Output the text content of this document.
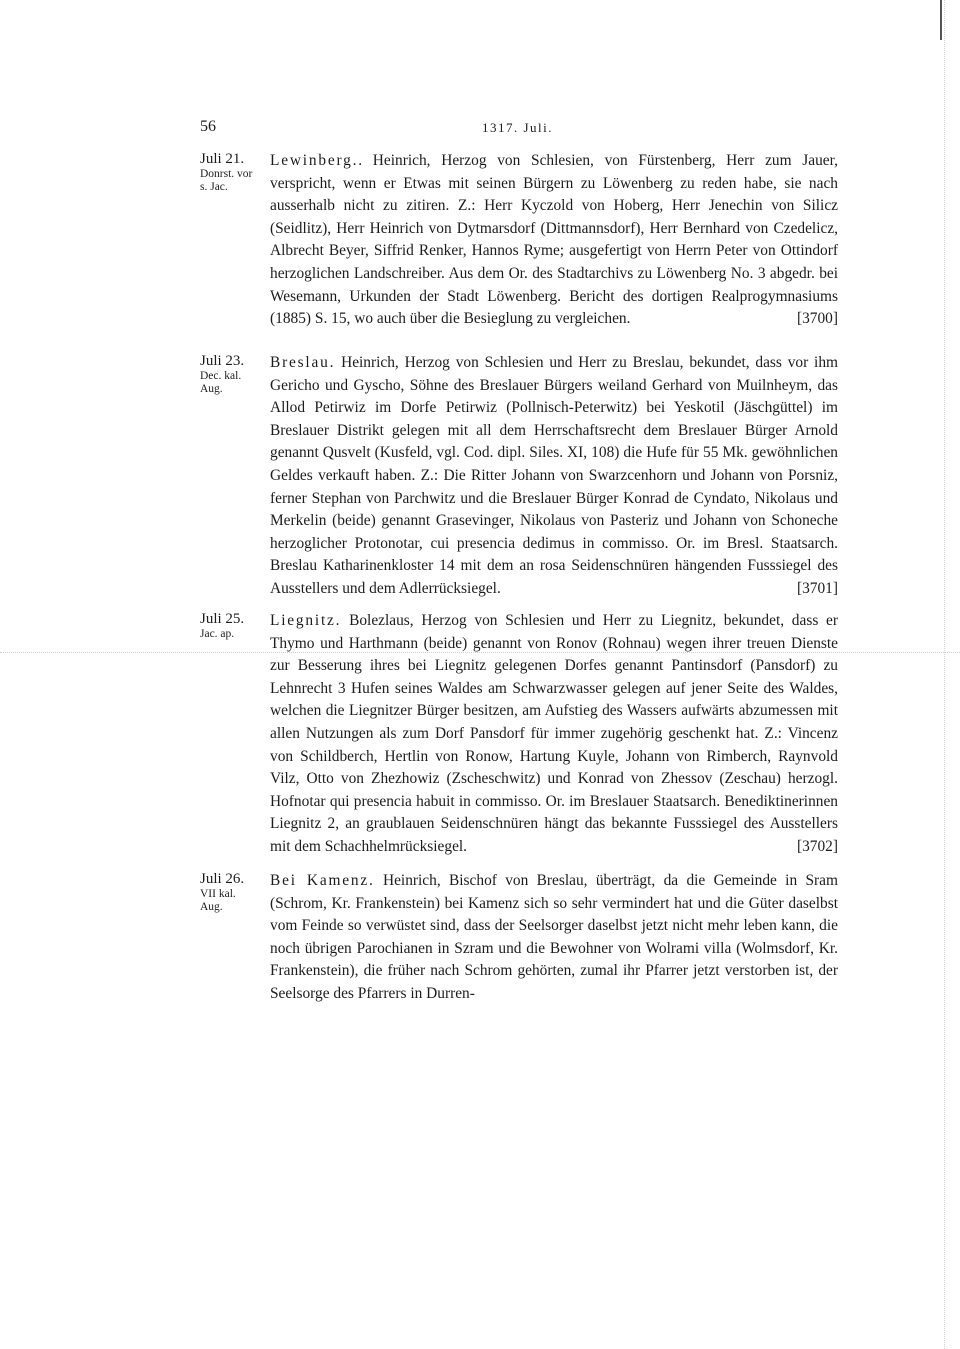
56	1317. Juli.
Juli 21.
Donrst. vor
s. Jac.
Lewinberg.. Heinrich, Herzog von Schlesien, von Fürstenberg, Herr zum Jauer, verspricht, wenn er Etwas mit seinen Bürgern zu Löwenberg zu reden habe, sie nach ausserhalb nicht zu zitiren. Z.: Herr Kyczold von Hoberg, Herr Jenechin von Silicz (Seidlitz), Herr Heinrich von Dytmarsdorf (Dittmannsdorf), Herr Bernhard von Czedelicz, Albrecht Beyer, Siffrid Renker, Hannos Ryme; ausgefertigt von Herrn Peter von Ottindorf herzoglichen Landschreiber. Aus dem Or. des Stadtarchivs zu Löwenberg No. 3 abgedr. bei Wesemann, Urkunden der Stadt Löwenberg. Bericht des dortigen Realprogymnasiums (1885) S. 15, wo auch über die Besieglung zu vergleichen.	[3700]
Juli 23.
Dec. kal.
Aug.
Breslau. Heinrich, Herzog von Schlesien und Herr zu Breslau, bekundet, dass vor ihm Gericho und Gyscho, Söhne des Breslauer Bürgers weiland Gerhard von Muilnheym, das Allod Petirwiz im Dorfe Petirwiz (Pollnisch-Peterwitz) bei Yeskotil (Jäschgüttel) im Breslauer Distrikt gelegen mit all dem Herrschaftsrecht dem Breslauer Bürger Arnold genannt Qusvelt (Kusfeld, vgl. Cod. dipl. Siles. XI, 108) die Hufe für 55 Mk. gewöhnlichen Geldes verkauft haben. Z.: Die Ritter Johann von Swarzcenhorn und Johann von Porsniz, ferner Stephan von Parchwitz und die Breslauer Bürger Konrad de Cyndato, Nikolaus und Merkelin (beide) genannt Grasevinger, Nikolaus von Pasteriz und Johann von Schoneche herzoglicher Protonotar, cui presencia dedimus in commisso. Or. im Bresl. Staatsarch. Breslau Katharinenkloster 14 mit dem an rosa Seidenschnüren hängenden Fusssiegel des Ausstellers und dem Adlerrücksiegel.	[3701]
Juli 25.
Jac. ap.
Liegnitz. Bolezlaus, Herzog von Schlesien und Herr zu Liegnitz, bekundet, dass er Thymo und Harthmann (beide) genannt von Ronov (Rohnau) wegen ihrer treuen Dienste zur Besserung ihres bei Liegnitz gelegenen Dorfes genannt Pantinsdorf (Pansdorf) zu Lehnrecht 3 Hufen seines Waldes am Schwarzwasser gelegen auf jener Seite des Waldes, welchen die Liegnitzer Bürger besitzen, am Aufstieg des Wassers aufwärts abzumessen mit allen Nutzungen als zum Dorf Pansdorf für immer zugehörig geschenkt hat. Z.: Vincenz von Schildberch, Hertlin von Ronow, Hartung Kuyle, Johann von Rimberch, Raynvold Vilz, Otto von Zhezhowiz (Zscheschwitz) und Konrad von Zhessov (Zeschau) herzogl. Hofnotar qui presencia habuit in commisso. Or. im Breslauer Staatsarch. Benediktinerinnen Liegnitz 2, an graublauen Seidenschnüren hängt das bekannte Fusssiegel des Ausstellers mit dem Schachhelmrücksiegel.	[3702]
Juli 26.
VII kal.
Aug.
Bei Kamenz. Heinrich, Bischof von Breslau, überträgt, da die Gemeinde in Sram (Schrom, Kr. Frankenstein) bei Kamenz sich so sehr vermindert hat und die Güter daselbst vom Feinde so verwüstet sind, dass der Seelsorger daselbst jetzt nicht mehr leben kann, die noch übrigen Parochianen in Szram und die Bewohner von Wolrami villa (Wolmsdorf, Kr. Frankenstein), die früher nach Schrom gehörten, zumal ihr Pfarrer jetzt verstorben ist, der Seelsorge des Pfarrers in Durren-
